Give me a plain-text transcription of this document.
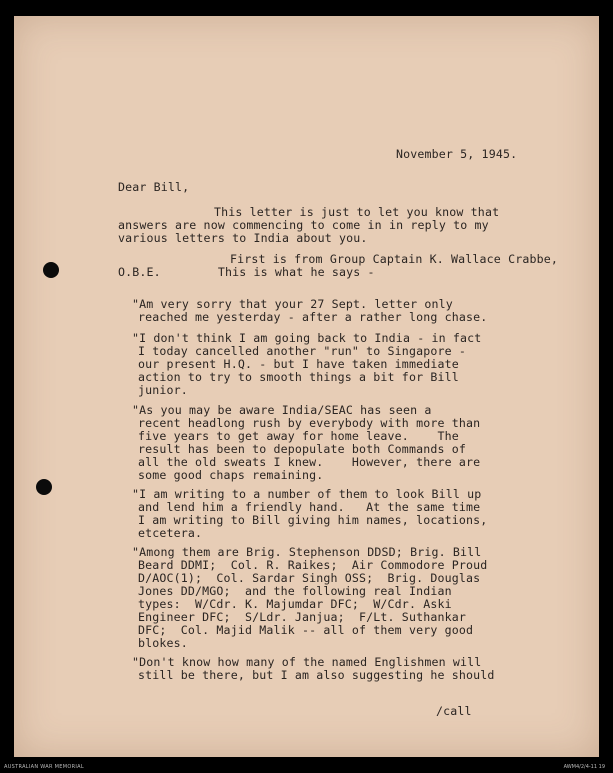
November 5, 1945.
Dear Bill,
This letter is just to let you know that
answers are now commencing to come in in reply to my
various letters to India about you.
First is from Group Captain K. Wallace Crabbe,
O.B.E.        This is what he says -
"Am very sorry that your 27 Sept. letter only
reached me yesterday - after a rather long chase.
"I don't think I am going back to India - in fact
I today cancelled another "run" to Singapore -
our present H.Q. - but I have taken immediate
action to try to smooth things a bit for Bill
junior.
"As you may be aware India/SEAC has seen a
recent headlong rush by everybody with more than
five years to get away for home leave.    The
result has been to depopulate both Commands of
all the old sweats I knew.    However, there are
some good chaps remaining.
"I am writing to a number of them to look Bill up
and lend him a friendly hand.   At the same time
I am writing to Bill giving him names, locations,
etcetera.
"Among them are Brig. Stephenson DDSD; Brig. Bill
Beard DDMI;  Col. R. Raikes;  Air Commodore Proud
D/AOC(1);  Col. Sardar Singh OSS;  Brig. Douglas
Jones DD/MGO;  and the following real Indian
types:  W/Cdr. K. Majumdar DFC;  W/Cdr. Aski
Engineer DFC;  S/Ldr. Janjua;  F/Lt. Suthankar
DFC;  Col. Majid Malik -- all of them very good
blokes.
"Don't know how many of the named Englishmen will
still be there, but I am also suggesting he should
/call
AUSTRALIAN WAR MEMORIAL	AWM4/2/4-11 19
